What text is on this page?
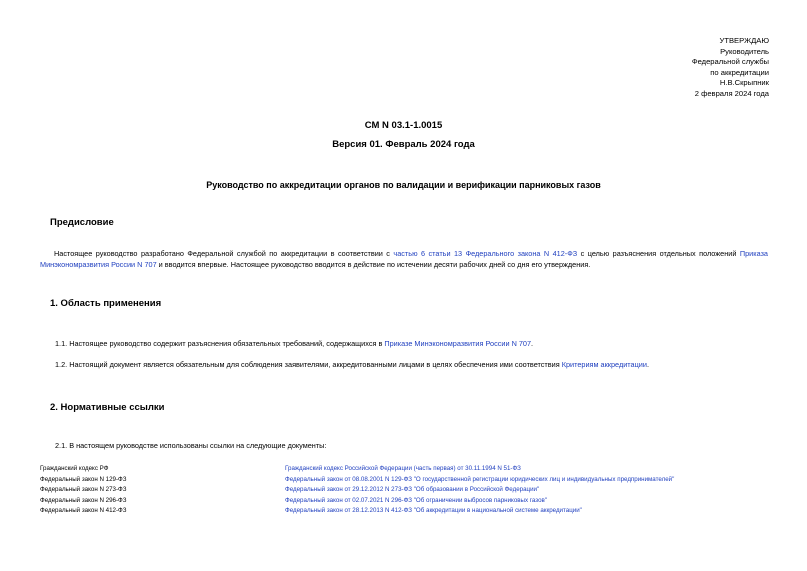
УТВЕРЖДАЮ
Руководитель
Федеральной службы
по аккредитации
Н.В.Скрыпник
2 февраля 2024 года
СМ N 03.1-1.0015
Версия 01. Февраль 2024 года
Руководство по аккредитации органов по валидации и верификации парниковых газов
Предисловие
Настоящее руководство разработано Федеральной службой по аккредитации в соответствии с частью 6 статьи 13 Федерального закона N 412-ФЗ с целью разъяснения отдельных положений Приказа Минэкономразвития России N 707 и вводится впервые. Настоящее руководство вводится в действие по истечении десяти рабочих дней со дня его утверждения.
1. Область применения
1.1. Настоящее руководство содержит разъяснения обязательных требований, содержащихся в Приказе Минэкономразвития России N 707.
1.2. Настоящий документ является обязательным для соблюдения заявителями, аккредитованными лицами в целях обеспечения ими соответствия Критериям аккредитации.
2. Нормативные ссылки
2.1. В настоящем руководстве использованы ссылки на следующие документы:
Гражданский кодекс РФ	Гражданский кодекс Российской Федерации (часть первая) от 30.11.1994 N 51-ФЗ
Федеральный закон N 129-ФЗ	Федеральный закон от 08.08.2001 N 129-ФЗ "О государственной регистрации юридических лиц и индивидуальных предпринимателей"
Федеральный закон N 273-ФЗ	Федеральный закон от 29.12.2012 N 273-ФЗ "Об образовании в Российской Федерации"
Федеральный закон N 296-ФЗ	Федеральный закон от 02.07.2021 N 296-ФЗ "Об ограничении выбросов парниковых газов"
Федеральный закон N 412-ФЗ	Федеральный закон от 28.12.2013 N 412-ФЗ "Об аккредитации в национальной системе аккредитации"
